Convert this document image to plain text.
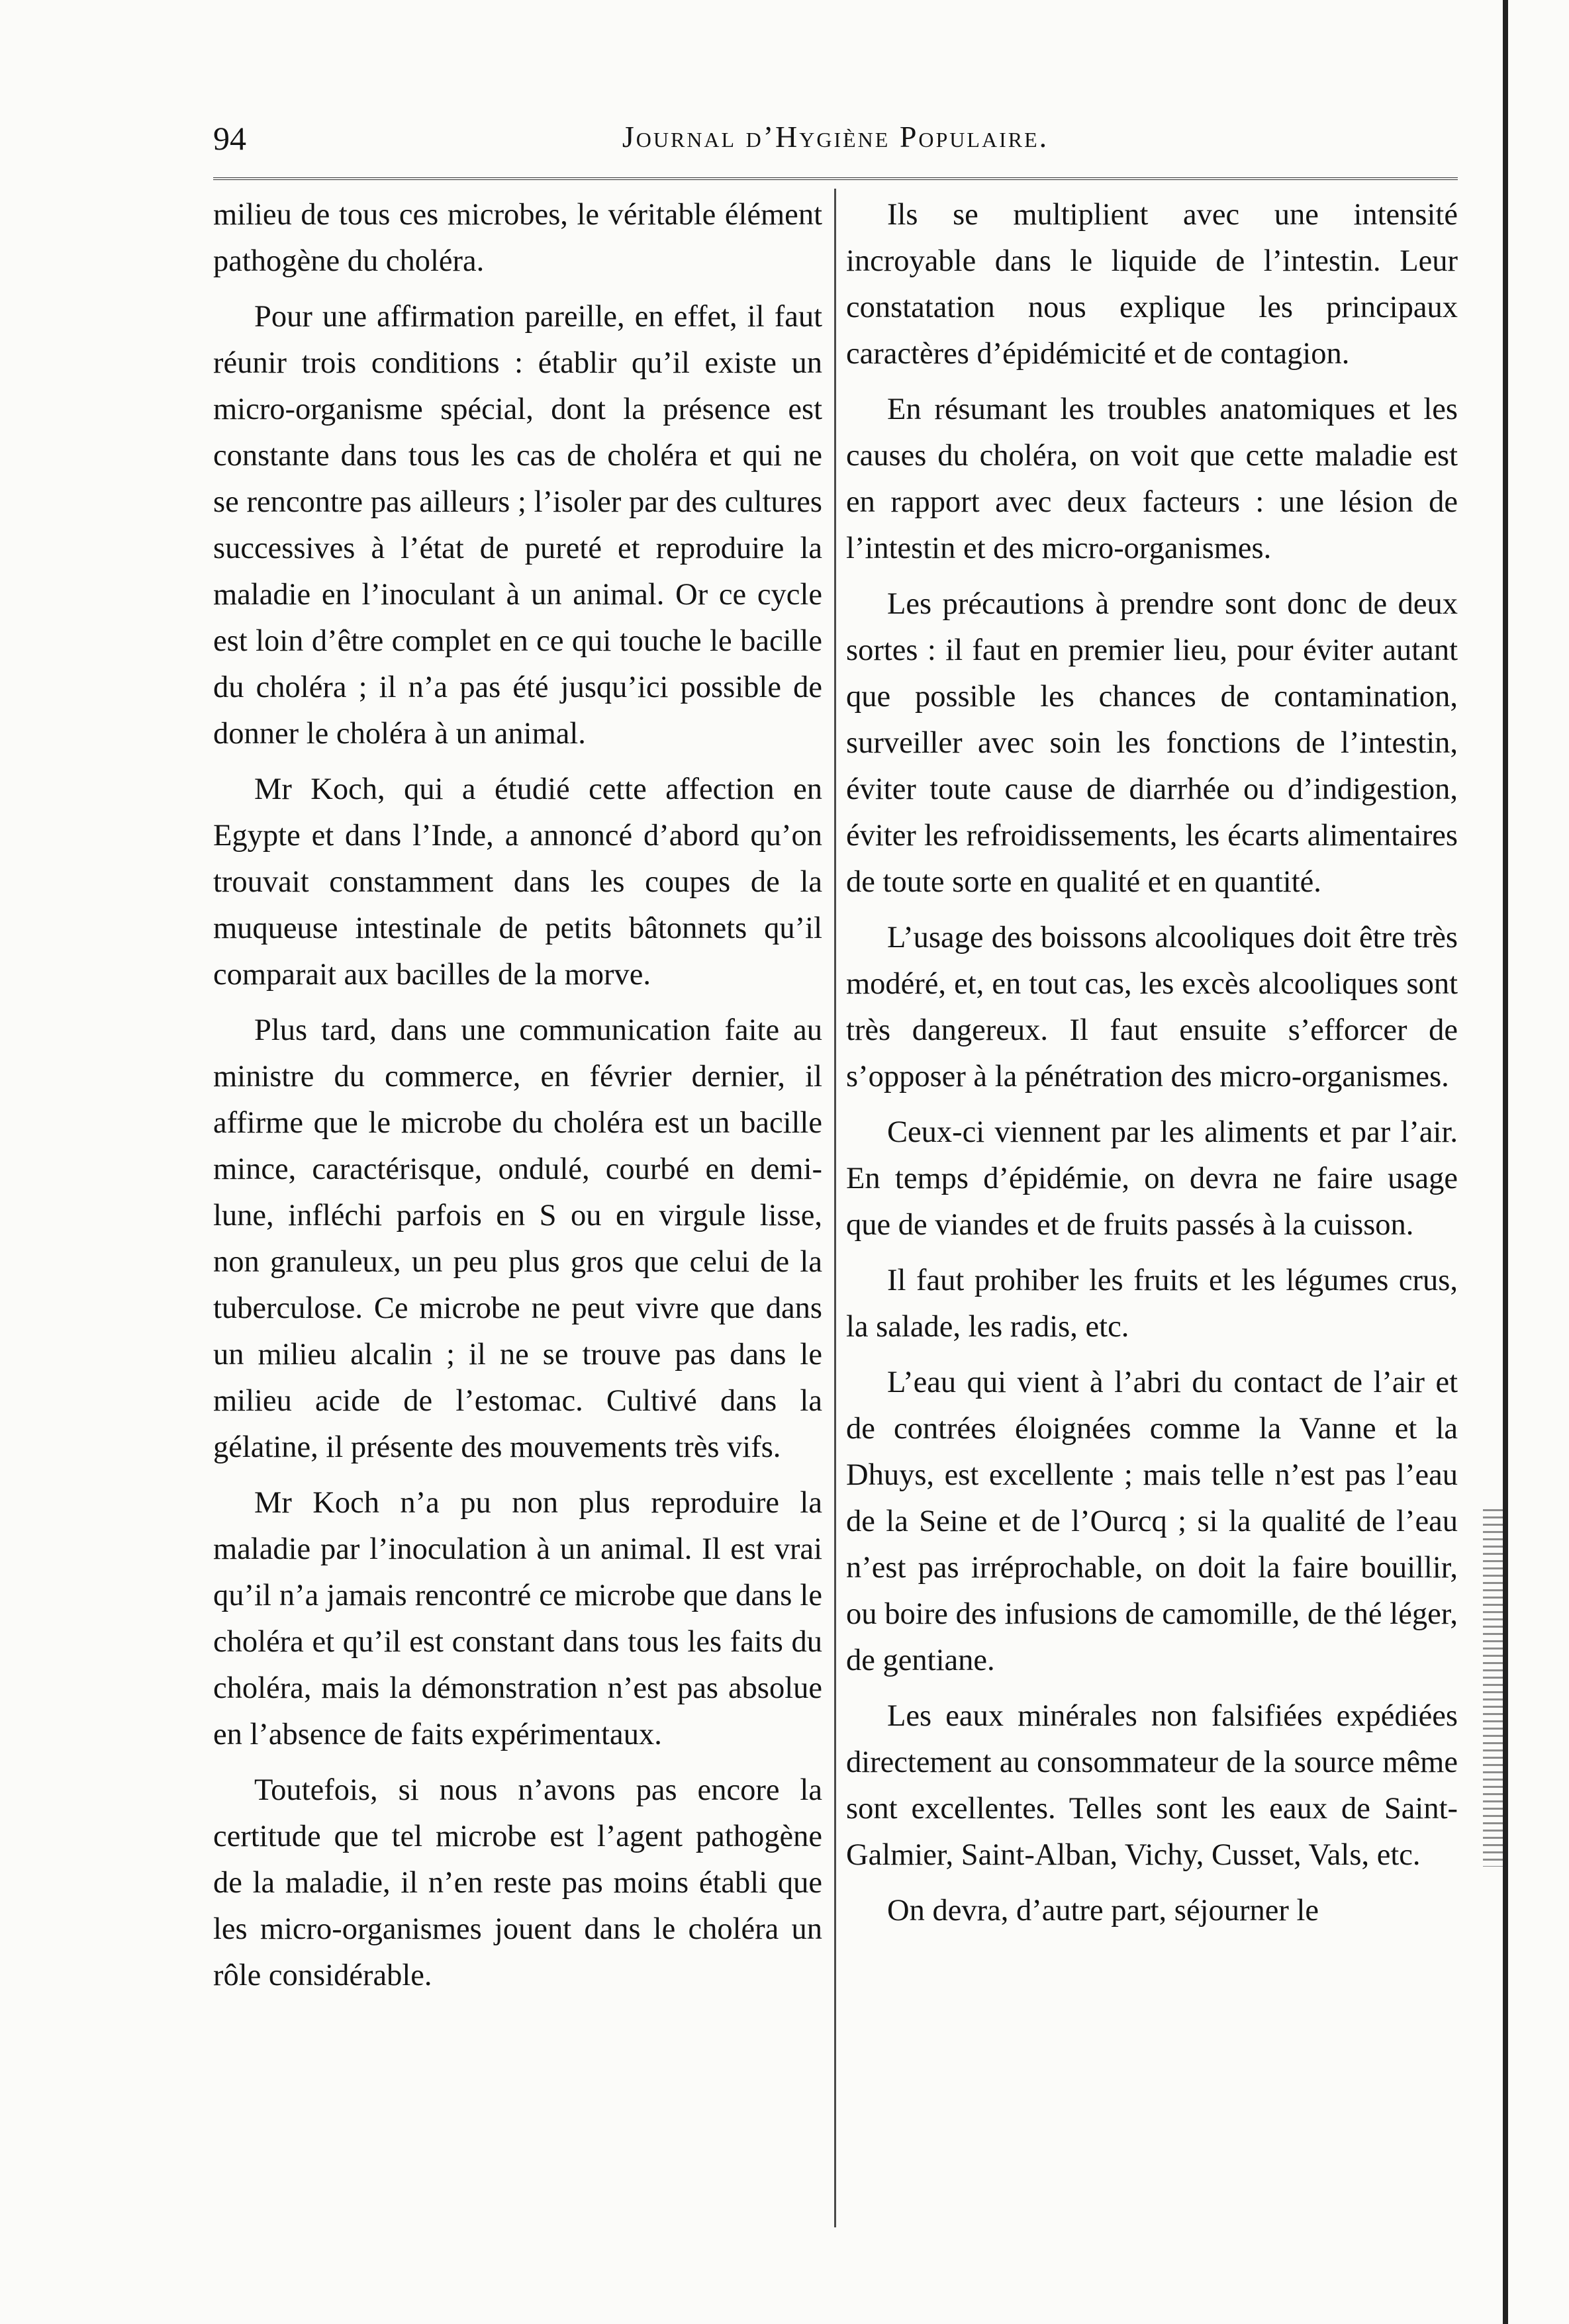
94	Journal d’Hygiène Populaire.

milieu de tous ces microbes, le véritable élément pathogène du choléra.

Pour une affirmation pareille, en effet, il faut réunir trois conditions : établir qu’il existe un micro-organisme spécial, dont la présence est constante dans tous les cas de choléra et qui ne se rencontre pas ailleurs ; l’isoler par des cultures successives à l’état de pureté et reproduire la maladie en l’inoculant à un animal. Or ce cycle est loin d’être complet en ce qui touche le bacille du choléra ; il n’a pas été jusqu’ici possible de donner le choléra à un animal.

Mr Koch, qui a étudié cette affection en Egypte et dans l’Inde, a annoncé d’abord qu’on trouvait constamment dans les coupes de la muqueuse intestinale de petits bâtonnets qu’il comparait aux bacilles de la morve.

Plus tard, dans une communication faite au ministre du commerce, en février dernier, il affirme que le microbe du choléra est un bacille mince, caractérisque, ondulé, courbé en demi-lune, infléchi parfois en S ou en virgule lisse, non granuleux, un peu plus gros que celui de la tuberculose. Ce microbe ne peut vivre que dans un milieu alcalin ; il ne se trouve pas dans le milieu acide de l’estomac. Cultivé dans la gélatine, il présente des mouvements très vifs.

Mr Koch n’a pu non plus reproduire la maladie par l’inoculation à un animal. Il est vrai qu’il n’a jamais rencontré ce microbe que dans le choléra et qu’il est constant dans tous les faits du choléra, mais la démonstration n’est pas absolue en l’absence de faits expérimentaux.

Toutefois, si nous n’avons pas encore la certitude que tel microbe est l’agent pathogène de la maladie, il n’en reste pas moins établi que les micro-organismes jouent dans le choléra un rôle considérable.

Ils se multiplient avec une intensité incroyable dans le liquide de l’intestin. Leur constatation nous explique les principaux caractères d’épidémicité et de contagion.

En résumant les troubles anatomiques et les causes du choléra, on voit que cette maladie est en rapport avec deux facteurs : une lésion de l’intestin et des micro-organismes.

Les précautions à prendre sont donc de deux sortes : il faut en premier lieu, pour éviter autant que possible les chances de contamination, surveiller avec soin les fonctions de l’intestin, éviter toute cause de diarrhée ou d’indigestion, éviter les refroidissements, les écarts alimentaires de toute sorte en qualité et en quantité.

L’usage des boissons alcooliques doit être très modéré, et, en tout cas, les excès alcooliques sont très dangereux. Il faut ensuite s’efforcer de s’opposer à la pénétration des micro-organismes.

Ceux-ci viennent par les aliments et par l’air. En temps d’épidémie, on devra ne faire usage que de viandes et de fruits passés à la cuisson.

Il faut prohiber les fruits et les légumes crus, la salade, les radis, etc.

L’eau qui vient à l’abri du contact de l’air et de contrées éloignées comme la Vanne et la Dhuys, est excellente ; mais telle n’est pas l’eau de la Seine et de l’Ourcq ; si la qualité de l’eau n’est pas irréprochable, on doit la faire bouillir, ou boire des infusions de camomille, de thé léger, de gentiane.

Les eaux minérales non falsifiées expédiées directement au consommateur de la source même sont excellentes. Telles sont les eaux de Saint-Galmier, Saint-Alban, Vichy, Cusset, Vals, etc.

On devra, d’autre part, séjourner le
